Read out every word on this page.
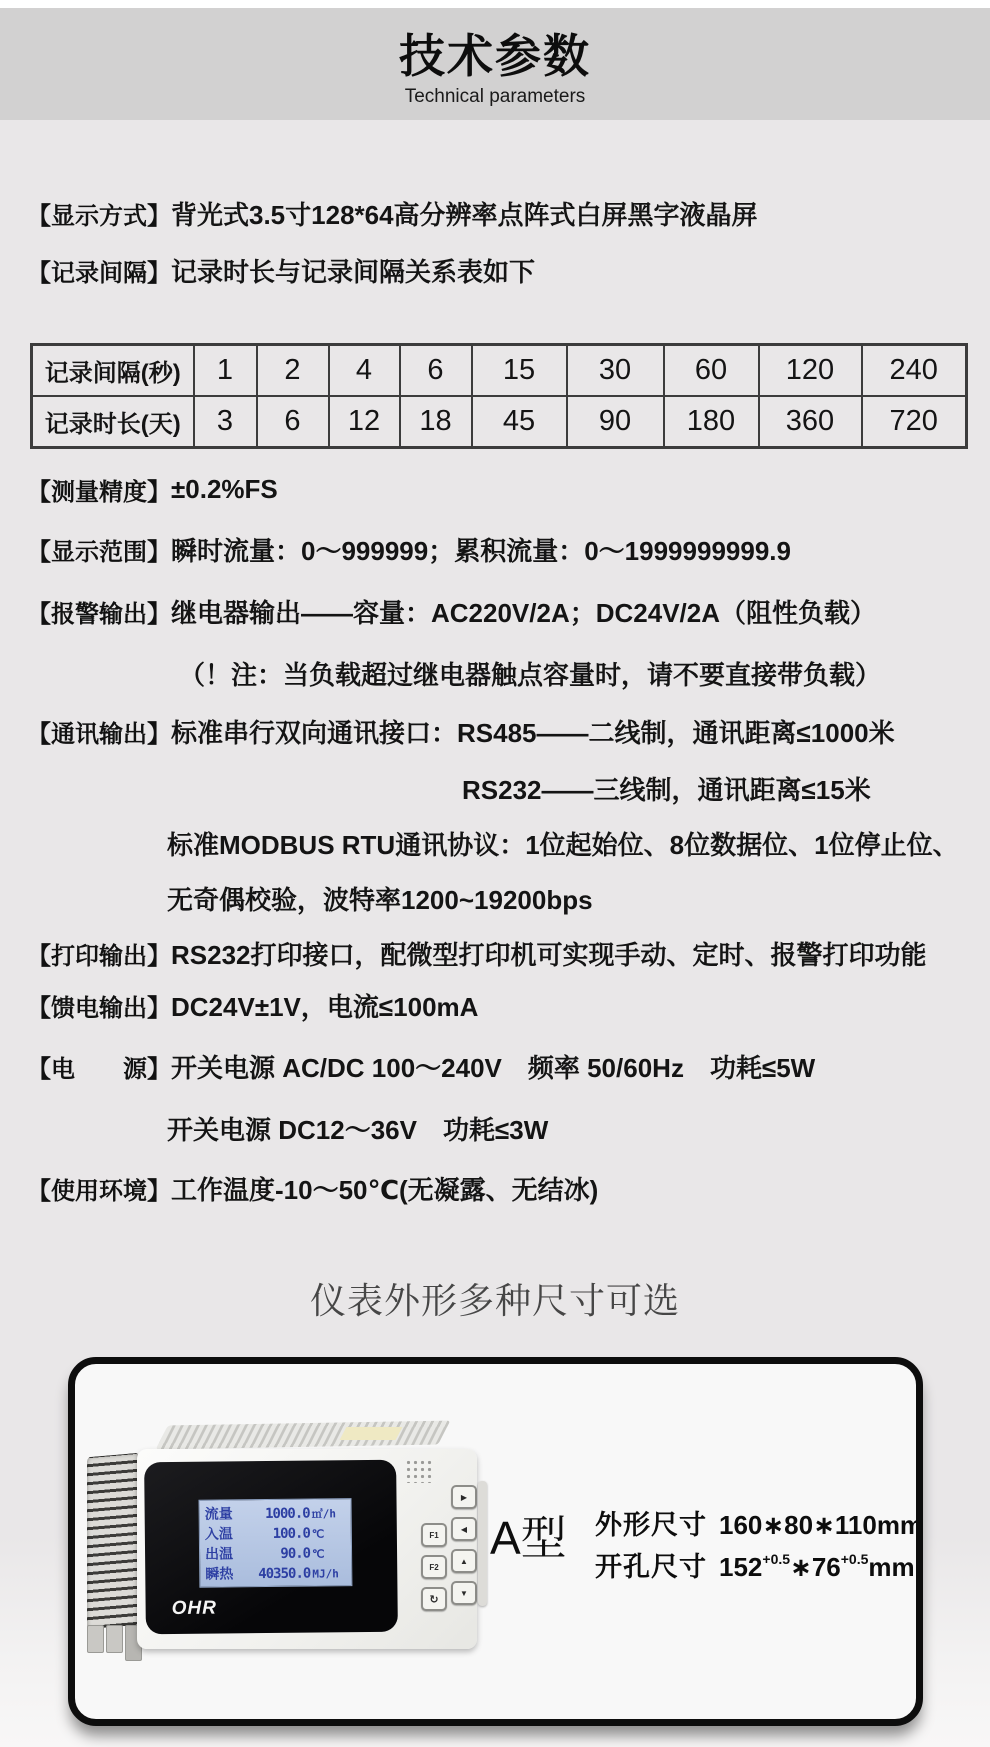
技术参数

Technical parameters

【显示方式】 背光式3.5寸128*64高分辨率点阵式白屏黑字液晶屏
【记录间隔】 记录时长与记录间隔关系表如下
记录间隔(秒)	1	2	4	6	15	30	60	120	240
记录时长(天)	3	6	12	18	45	90	180	360	720
【测量精度】 ±0.2%FS
【显示范围】 瞬时流量：0～999999；累积流量：0～1999999999.9
【报警输出】 继电器输出——容量：AC220V/2A；DC24V/2A（阻性负载）
（！注：当负载超过继电器触点容量时，请不要直接带负载）
【通讯输出】 标准串行双向通讯接口：RS485——二线制，通讯距离≤1000米
RS232——三线制，通讯距离≤15米
标准MODBUS RTU通讯协议：1位起始位、8位数据位、1位停止位、
无奇偶校验，波特率1200~19200bps
【打印输出】 RS232打印接口，配微型打印机可实现手动、定时、报警打印功能
【馈电输出】 DC24V±1V，电流≤100mA
【电　　源】 开关电源 AC/DC 100～240V　频率 50/60Hz　功耗≤5W
开关电源 DC12～36V　功耗≤3W
【使用环境】 工作温度-10～50℃(无凝露、无结冰)
仪表外形多种尺寸可选
流量	1000.0 ㎥/h
入温	100.0 ℃
出温	90.0 ℃
瞬热	40350.0 MJ/h
OHR
F1
F2
↻
▶
◀
▲
▼
A型 外形尺寸 160∗80∗110mm
开孔尺寸 $152^{+0.5}∗76^{+0.5}mm$
